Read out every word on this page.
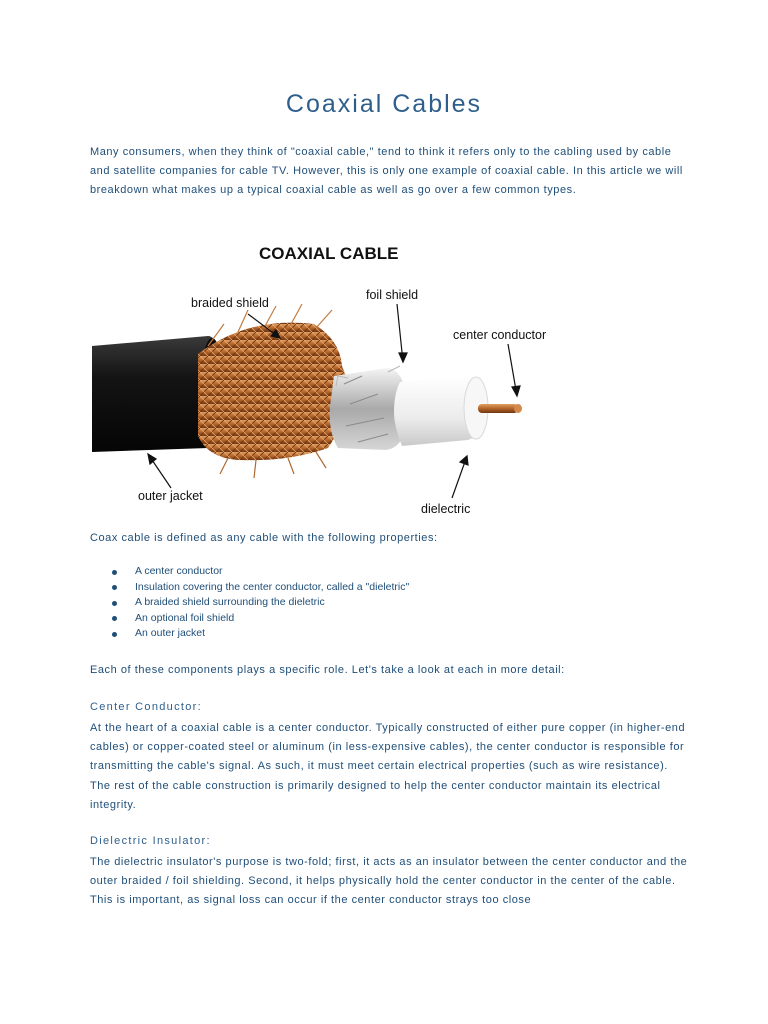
Coaxial Cables

Many consumers, when they think of "coaxial cable," tend to think it refers only to the cabling used by cable and satellite companies for cable TV. However, this is only one example of coaxial cable. In this article we will breakdown what makes up a typical coaxial cable as well as go over a few common types.

COAXIAL CABLE

braided shield
foil shield
center conductor
outer jacket
dielectric

Coax cable is defined as any cable with the following properties:

A center conductor
Insulation covering the center conductor, called a "dieletric"
A braided shield surrounding the dieletric
An optional foil shield
An outer jacket

Each of these components plays a specific role. Let's take a look at each in more detail:

Center Conductor:

At the heart of a coaxial cable is a center conductor. Typically constructed of either pure copper (in higher-end cables) or copper-coated steel or aluminum (in less-expensive cables), the center conductor is responsible for transmitting the cable's signal. As such, it must meet certain electrical properties (such as wire resistance). The rest of the cable construction is primarily designed to help the center conductor maintain its electrical integrity.

Dielectric Insulator:

The dielectric insulator's purpose is two-fold; first, it acts as an insulator between the center conductor and the outer braided / foil shielding. Second, it helps physically hold the center conductor in the center of the cable. This is important, as signal loss can occur if the center conductor strays too close
